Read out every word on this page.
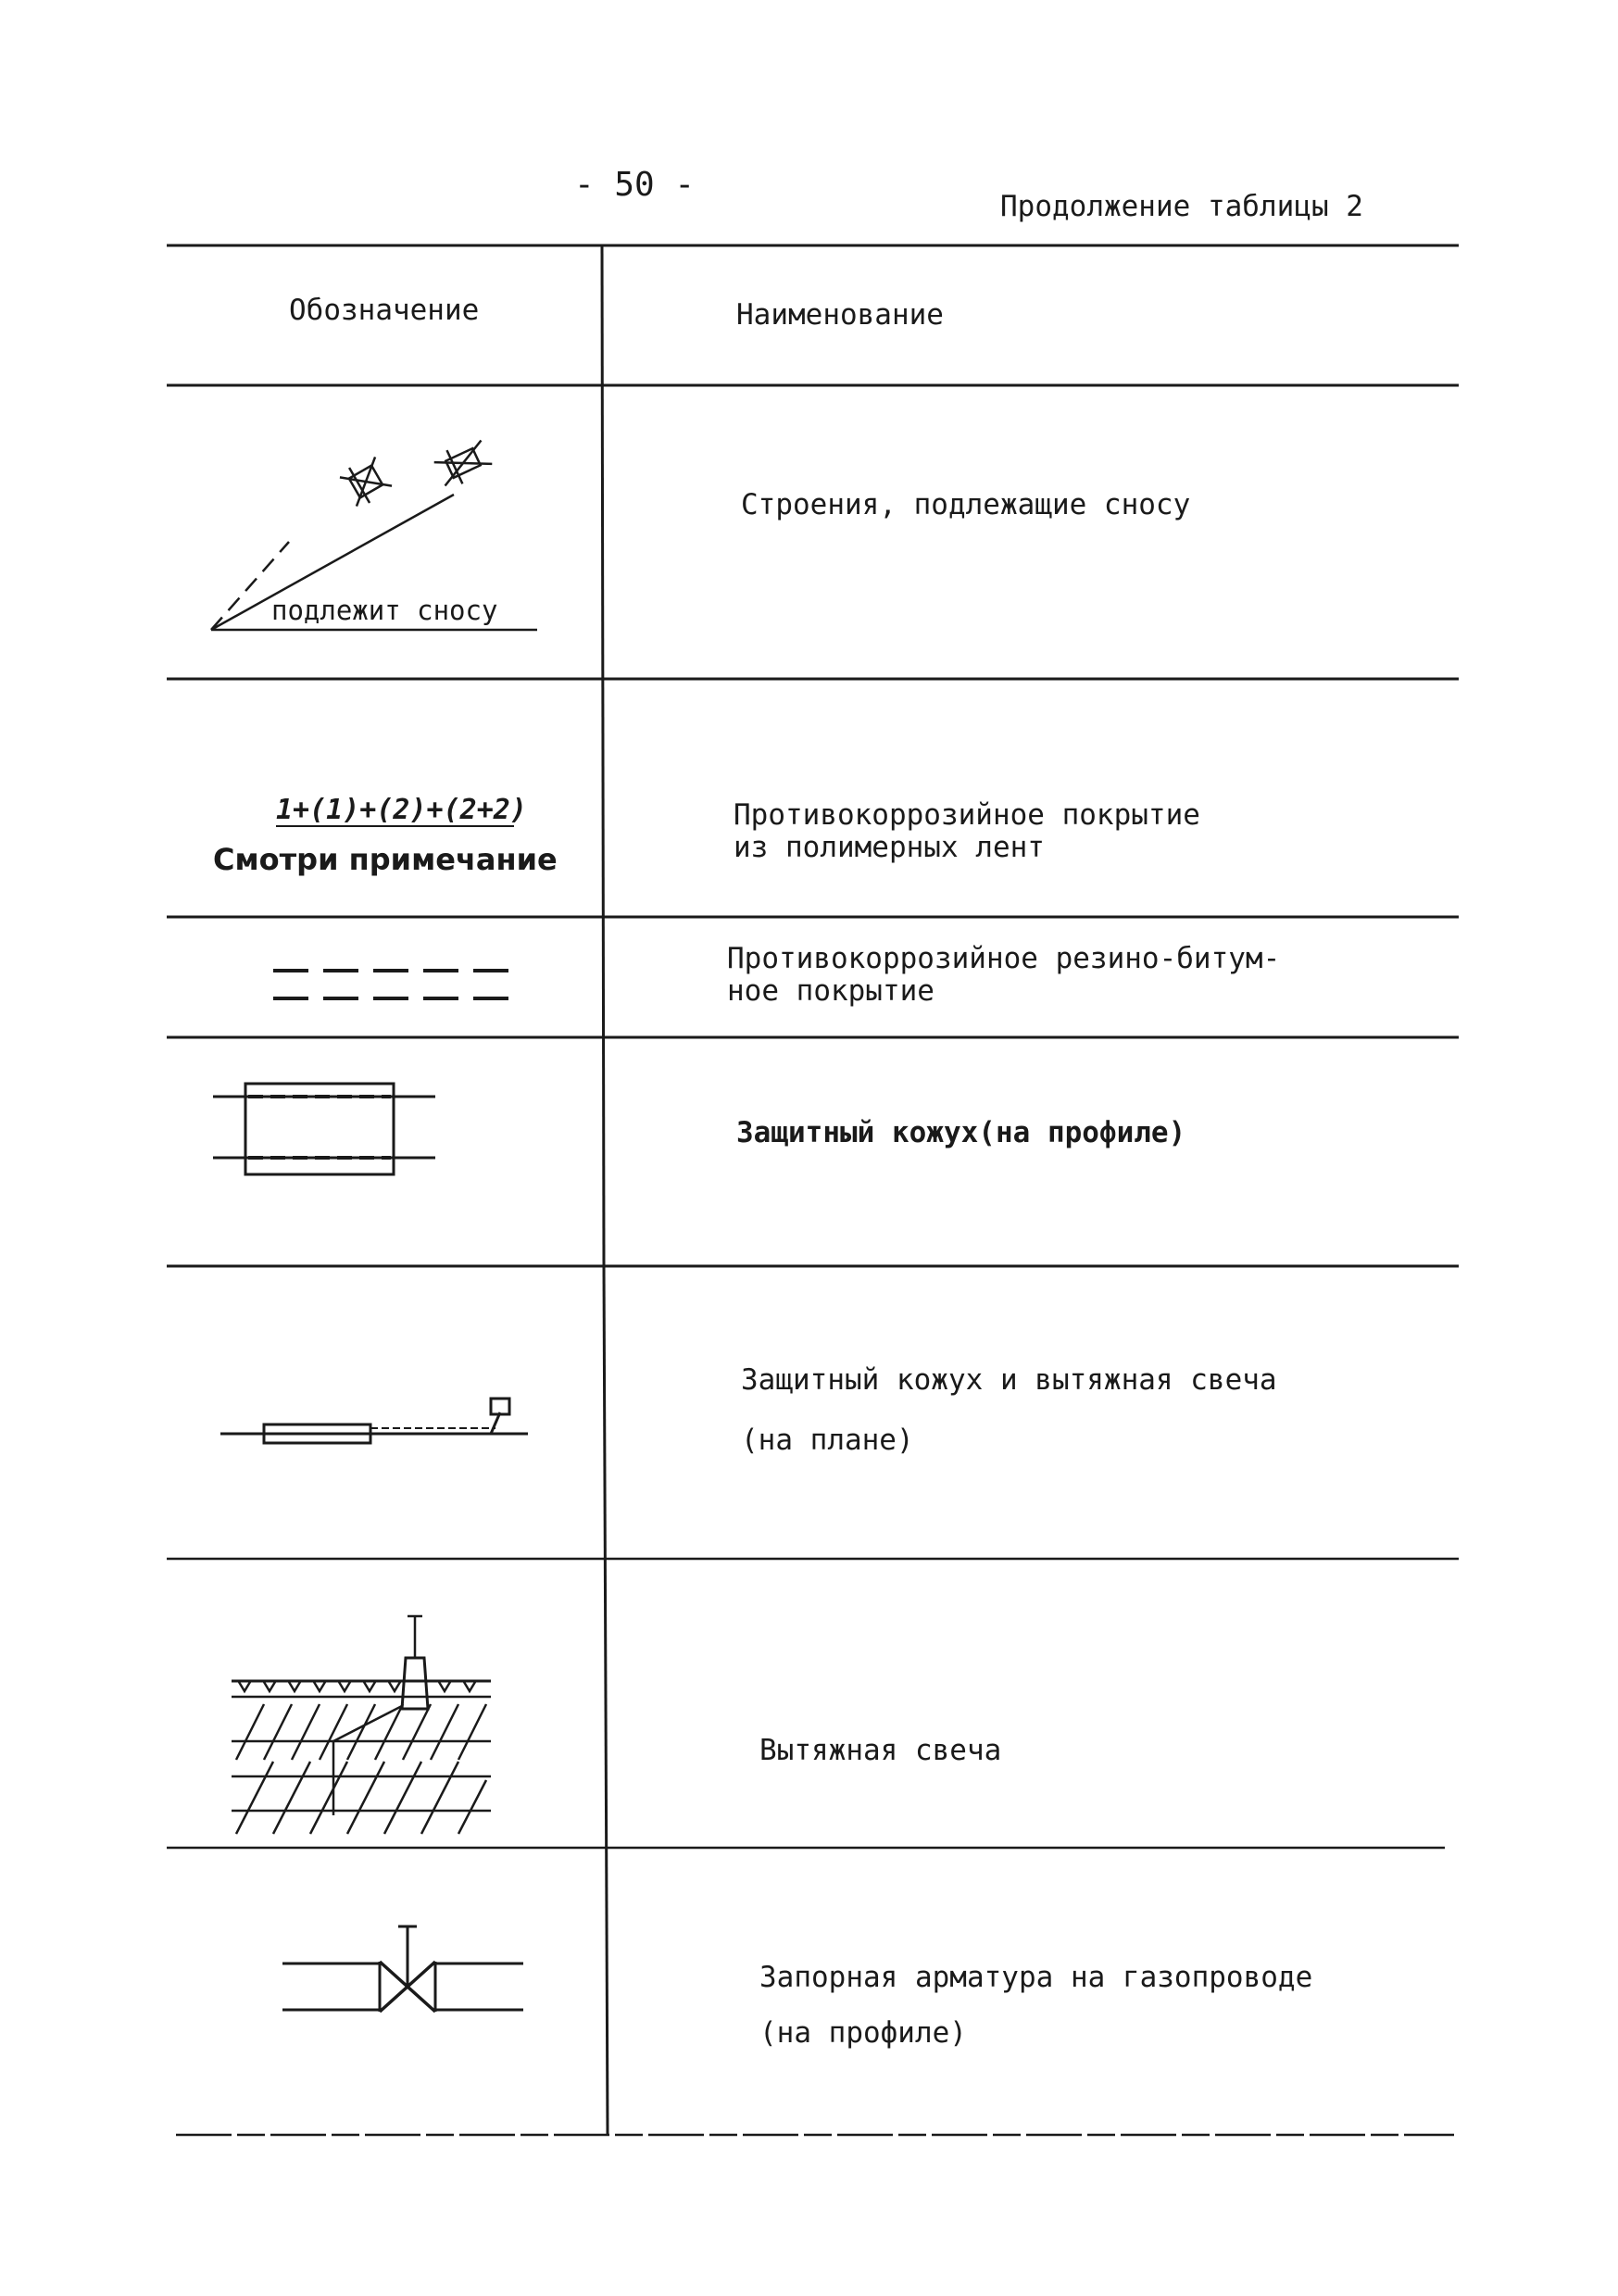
- 50 -
Продолжение таблицы 2
Обозначение	Наименование
подлежит сносу
Строения, подлежащие сносу
1+(1)+(2)+(2+2)
Смотри примечание
Противокоррозийное покрытие
из полимерных лент
Противокоррозийное резино-битум-
ное покрытие
Защитный кожух(на профиле)
Защитный кожух и вытяжная свеча
(на плане)
Вытяжная свеча
Запорная арматура на газопроводе
(на профиле)
